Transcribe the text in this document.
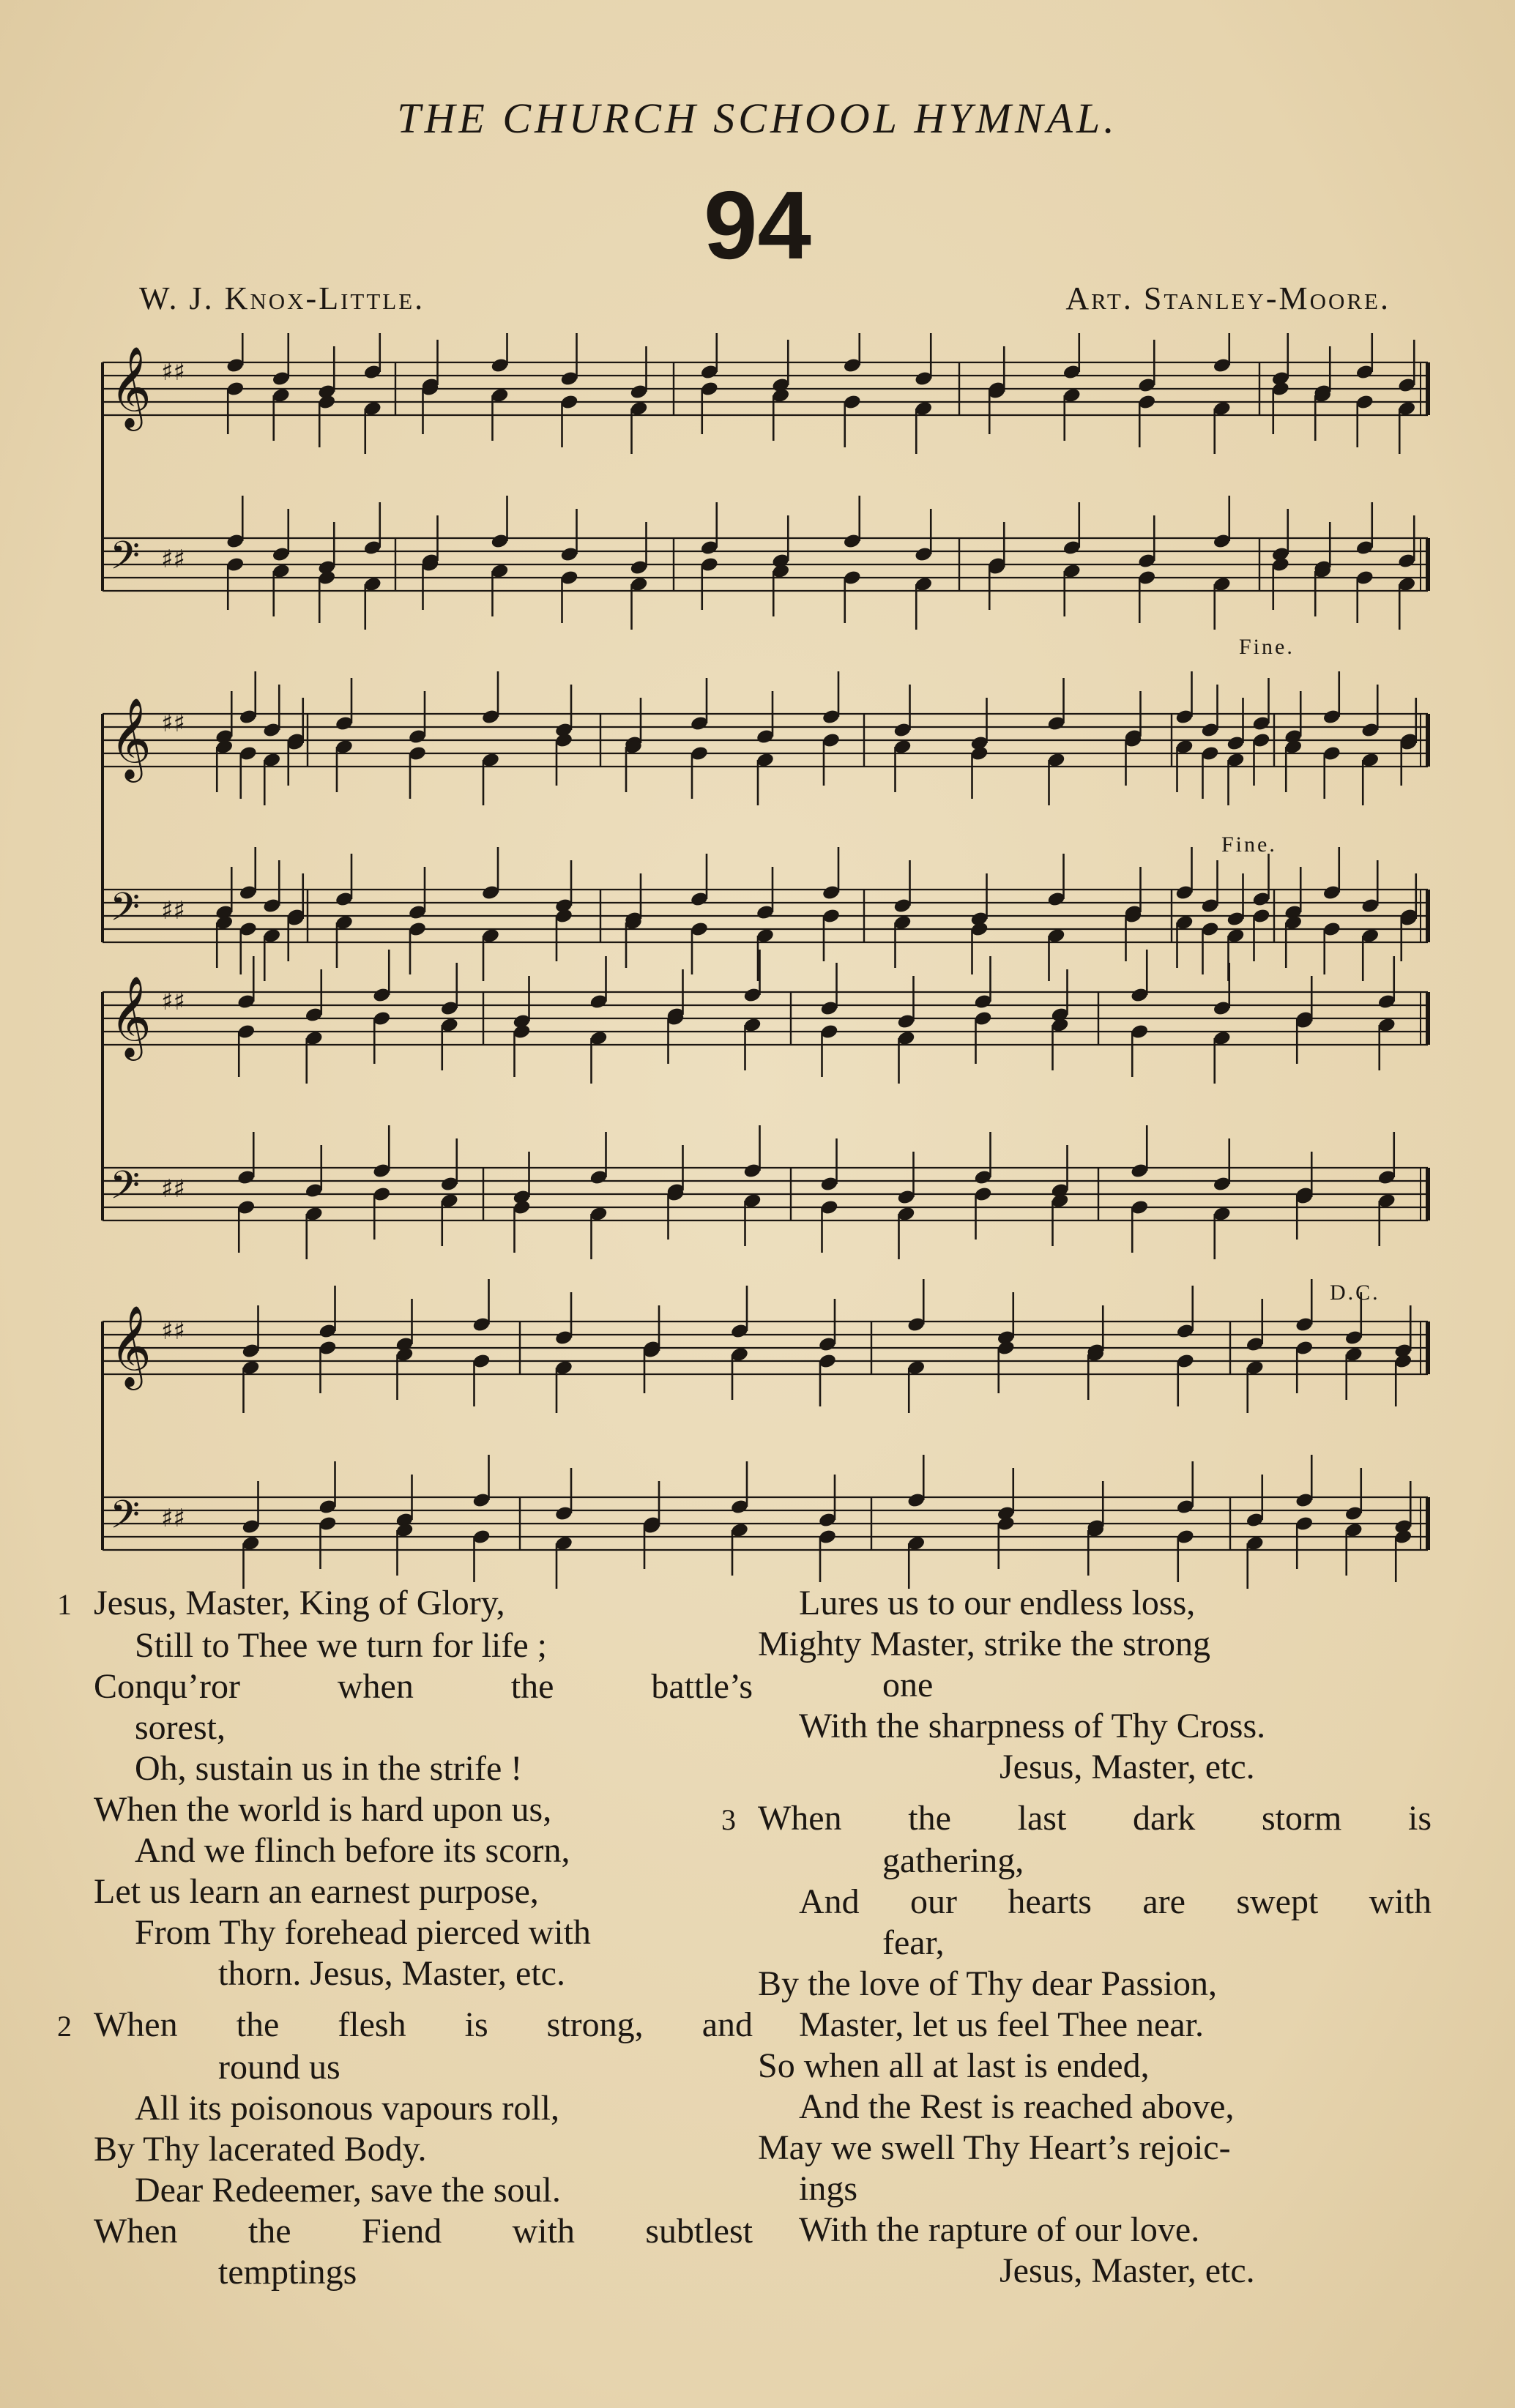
THE CHURCH SCHOOL HYMNAL.
94
W. J. Knox-Little.	Art. Stanley-Moore.
Fine.
Fine.
D.C.
𝄞 ♯♯
𝄢 ♯♯
𝄞 ♯♯
𝄢 ♯♯
𝄞 ♯♯
𝄢 ♯♯
𝄞 ♯♯
𝄢 ♯♯
1 Jesus, Master, King of Glory,
Still to Thee we turn for life ;
Conqu’ror when the battle’s
sorest,
Oh, sustain us in the strife !
When the world is hard upon us,
And we flinch before its scorn,
Let us learn an earnest purpose,
From Thy forehead pierced with
thorn. Jesus, Master, etc.
2 When the flesh is strong, and
round us
All its poisonous vapours roll,
By Thy lacerated Body.
Dear Redeemer, save the soul.
When the Fiend with subtlest
temptings
Lures us to our endless loss,
Mighty Master, strike the strong
one
With the sharpness of Thy Cross.
Jesus, Master, etc.
3 When the last dark storm is
gathering,
And our hearts are swept with
fear,
By the love of Thy dear Passion,
Master, let us feel Thee near.
So when all at last is ended,
And the Rest is reached above,
May we swell Thy Heart’s rejoic-
ings
With the rapture of our love.
Jesus, Master, etc.
